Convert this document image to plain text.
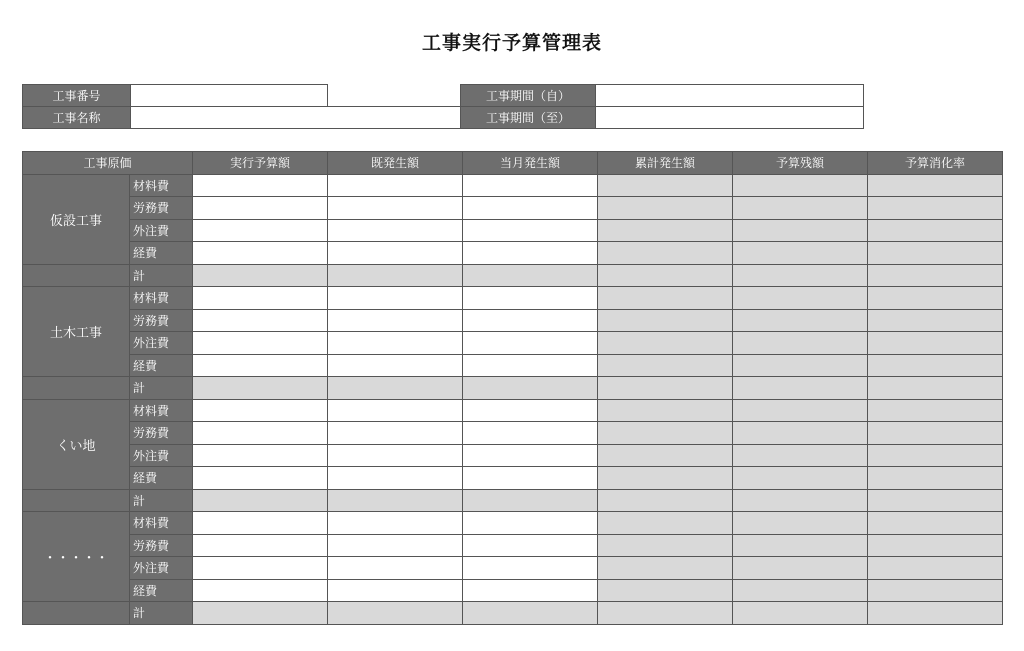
工事実行予算管理表
工事番号			工事期間（自）	
工事名称			工事期間（至）	
工事原価		実行予算額	既発生額	当月発生額	累計発生額	予算残額	予算消化率
仮設工事	材料費						
	労務費						
	外注費						
	経費						
	計						
土木工事	材料費						
	労務費						
	外注費						
	経費						
	計						
くい地	材料費						
	労務費						
	外注費						
	経費						
	計						
・・・・・	材料費						
	労務費						
	外注費						
	経費						
	計						
